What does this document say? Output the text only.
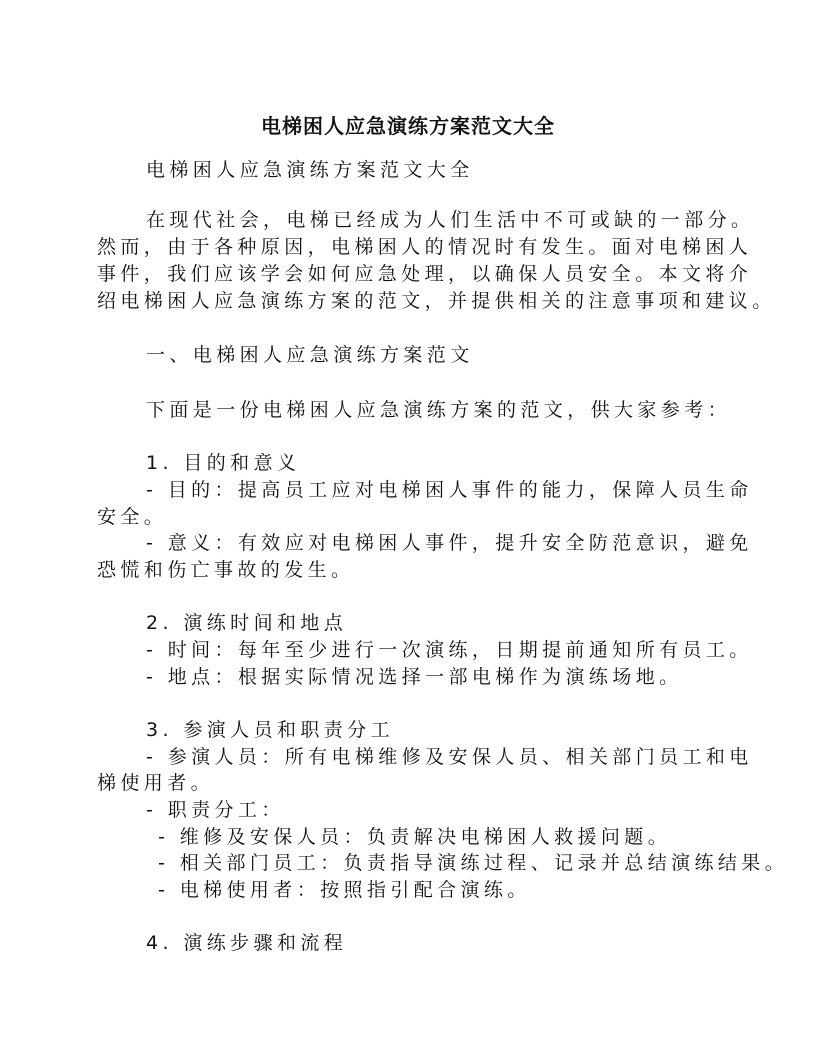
电梯困人应急演练方案范文大全
电梯困人应急演练方案范文大全
在现代社会，电梯已经成为人们生活中不可或缺的一部分。
然而，由于各种原因，电梯困人的情况时有发生。面对电梯困人
事件，我们应该学会如何应急处理，以确保人员安全。本文将介
绍电梯困人应急演练方案的范文，并提供相关的注意事项和建议。
一、电梯困人应急演练方案范文
下面是一份电梯困人应急演练方案的范文，供大家参考：
1. 目的和意义
- 目的：提高员工应对电梯困人事件的能力，保障人员生命
安全。
- 意义：有效应对电梯困人事件，提升安全防范意识，避免
恐慌和伤亡事故的发生。
2. 演练时间和地点
- 时间：每年至少进行一次演练，日期提前通知所有员工。
- 地点：根据实际情况选择一部电梯作为演练场地。
3. 参演人员和职责分工
- 参演人员：所有电梯维修及安保人员、相关部门员工和电
梯使用者。
- 职责分工：
- 维修及安保人员：负责解决电梯困人救援问题。
- 相关部门员工：负责指导演练过程、记录并总结演练结果。
- 电梯使用者：按照指引配合演练。
4. 演练步骤和流程
